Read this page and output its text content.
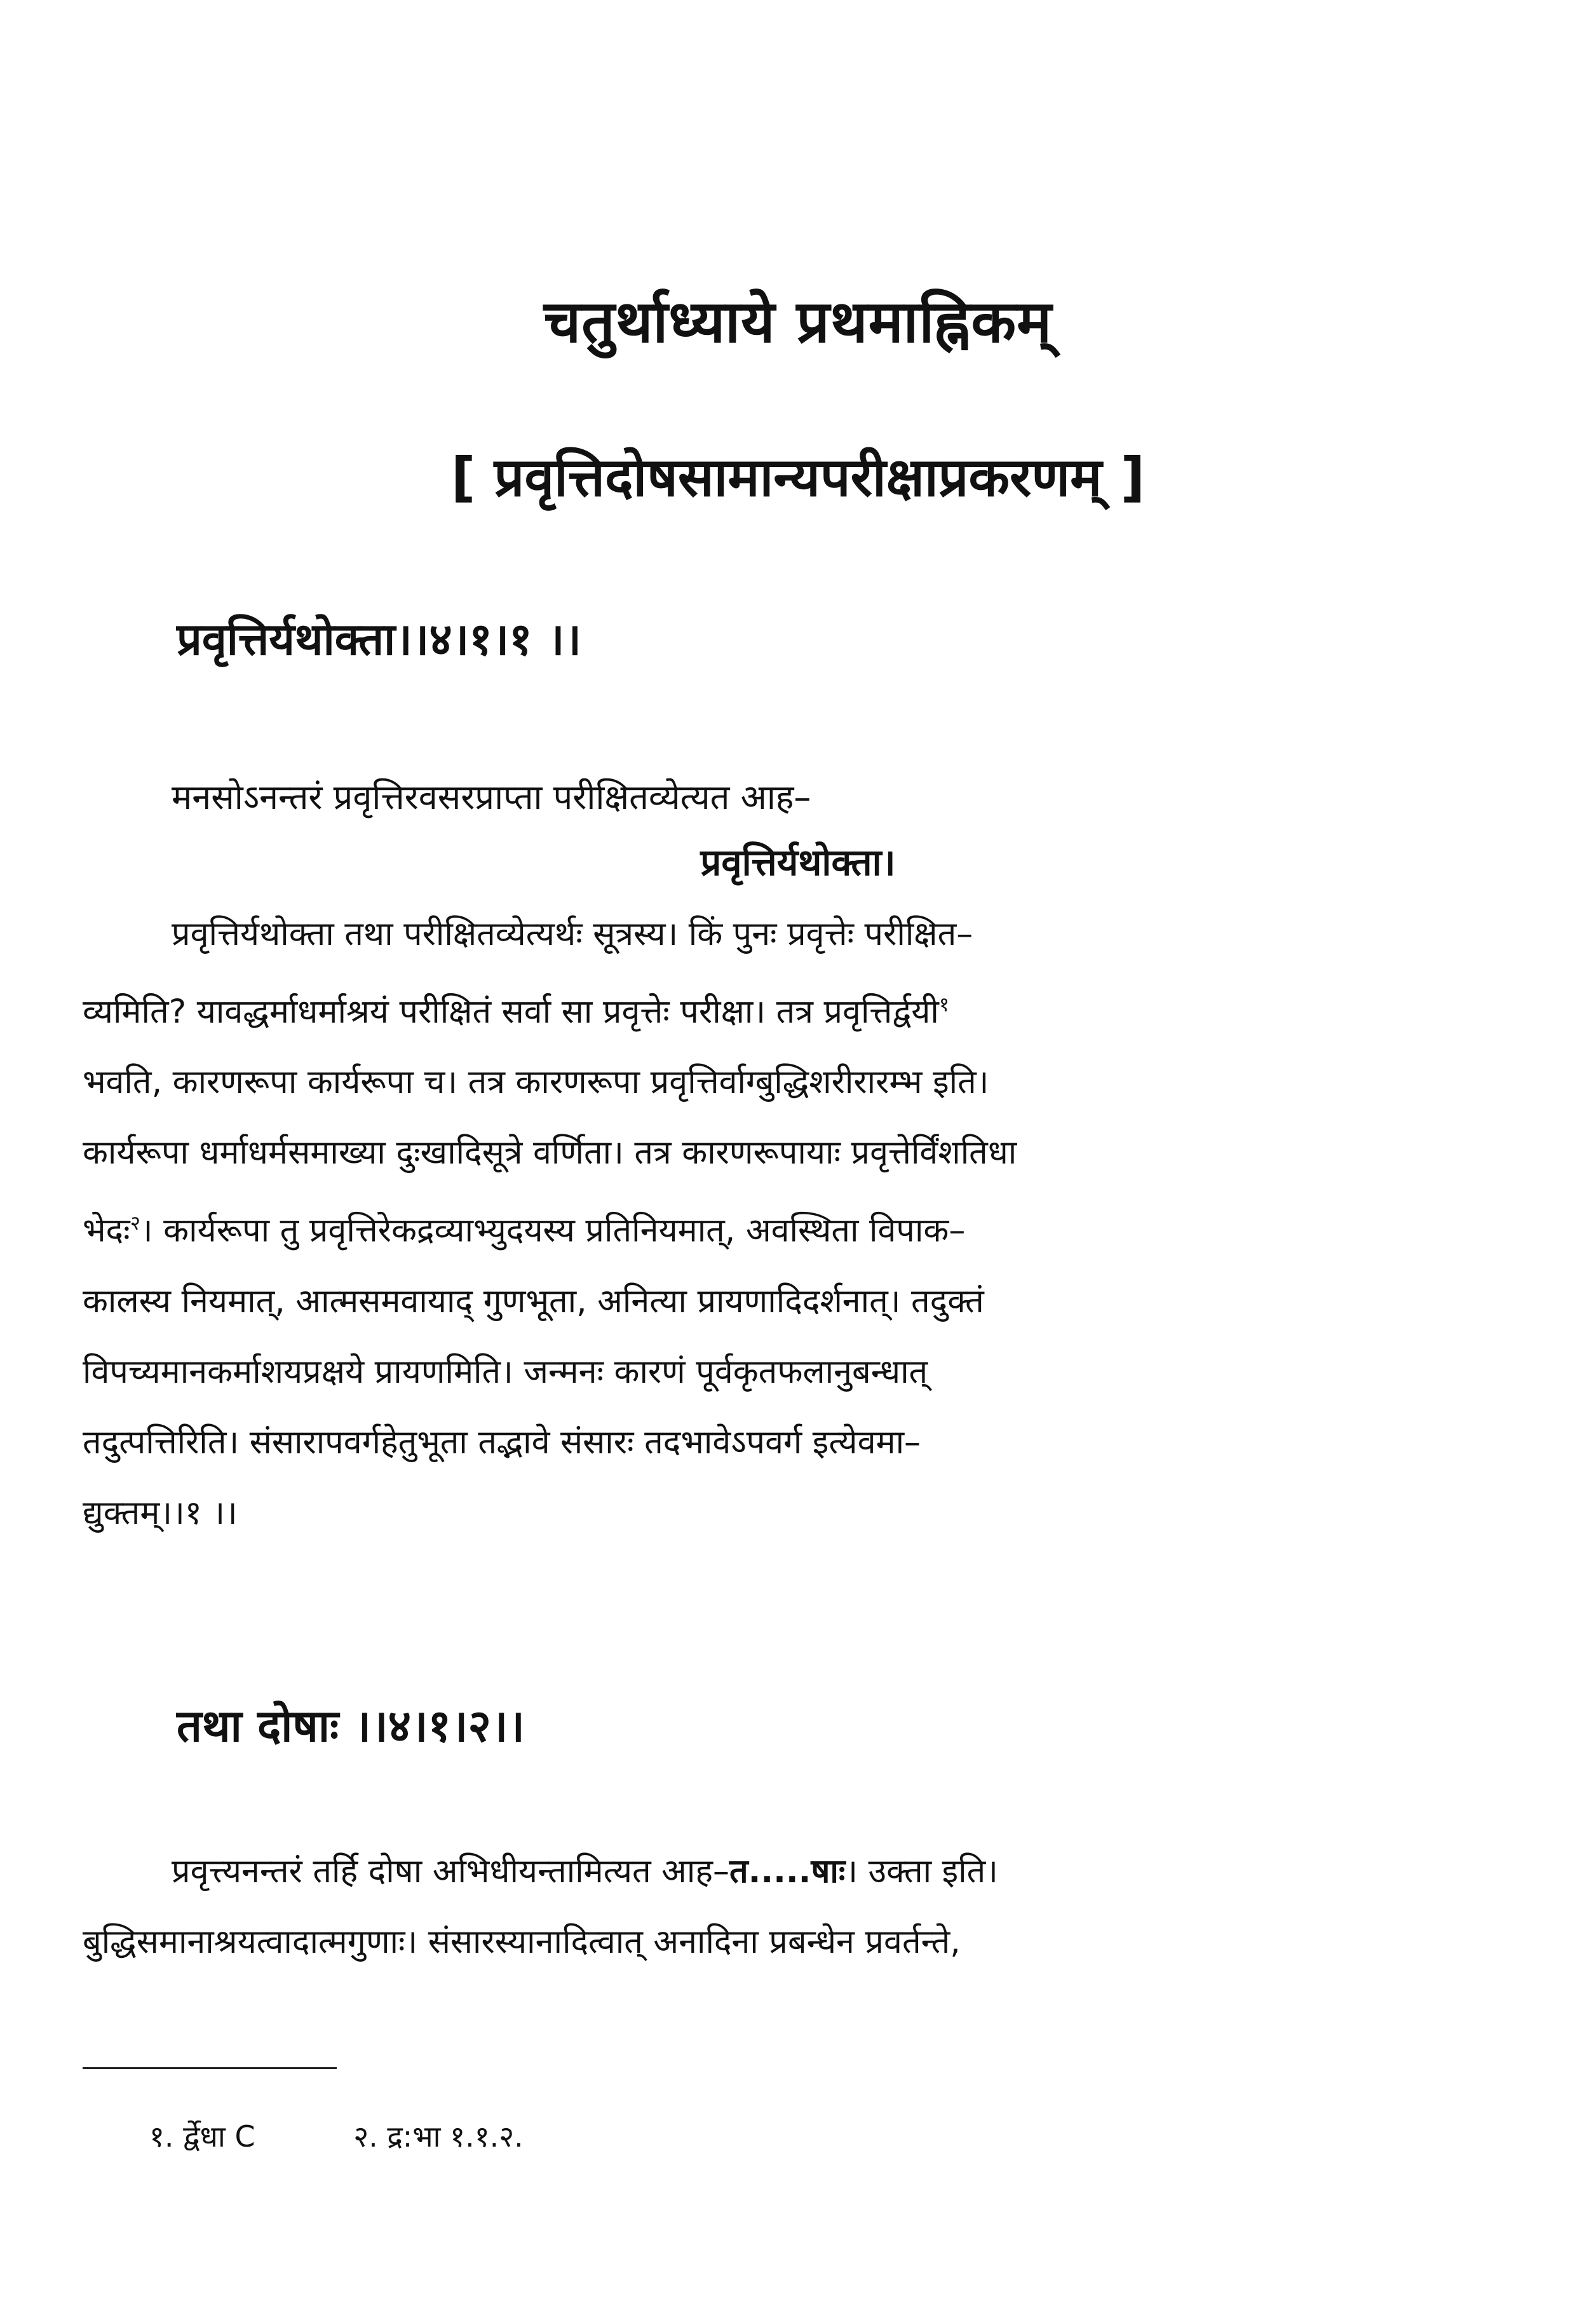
चतुर्थाध्याये प्रथमाह्निकम्
[ प्रवृत्तिदोषसामान्यपरीक्षाप्रकरणम् ]
प्रवृत्तिर्यथोक्ता।।४।१।१ ।।
मनसोऽनन्तरं प्रवृत्तिरवसरप्राप्ता परीक्षितव्येत्यत आह–
प्रवृत्तिर्यथोक्ता।
प्रवृत्तिर्यथोक्ता तथा परीक्षितव्येत्यर्थः सूत्रस्य। किं पुनः प्रवृत्तेः परीक्षित–
व्यमिति? यावद्धर्माधर्माश्रयं परीक्षितं सर्वा सा प्रवृत्तेः परीक्षा। तत्र प्रवृत्तिर्द्वयी$^१$
भवति, कारणरूपा कार्यरूपा च। तत्र कारणरूपा प्रवृत्तिर्वाग्बुद्धिशरीरारम्भ इति।
कार्यरूपा धर्माधर्मसमाख्या दुःखादिसूत्रे वर्णिता। तत्र कारणरूपायाः प्रवृत्तेर्विंशतिधा
भेदः$^२$। कार्यरूपा तु प्रवृत्तिरेकद्रव्याभ्युदयस्य प्रतिनियमात्, अवस्थिता विपाक–
कालस्य नियमात्, आत्मसमवायाद् गुणभूता, अनित्या प्रायणादिदर्शनात्। तदुक्तं
विपच्यमानकर्माशयप्रक्षये प्रायणमिति। जन्मनः कारणं पूर्वकृतफलानुबन्धात्
तदुत्पत्तिरिति। संसारापवर्गहेतुभूता तद्भावे संसारः तदभावेऽपवर्ग इत्येवमा–
द्युक्तम्।।१ ।।
तथा दोषाः ।।४।१।२।।
प्रवृत्त्यनन्तरं तर्हि दोषा अभिधीयन्तामित्यत आह–त.....षाः। उक्ता इति।
बुद्धिसमानाश्रयत्वादात्मगुणाः। संसारस्यानादित्वात् अनादिना प्रबन्धेन प्रवर्तन्ते,
१. र्द्वेधा C	२. द्र:भा १.१.२.
